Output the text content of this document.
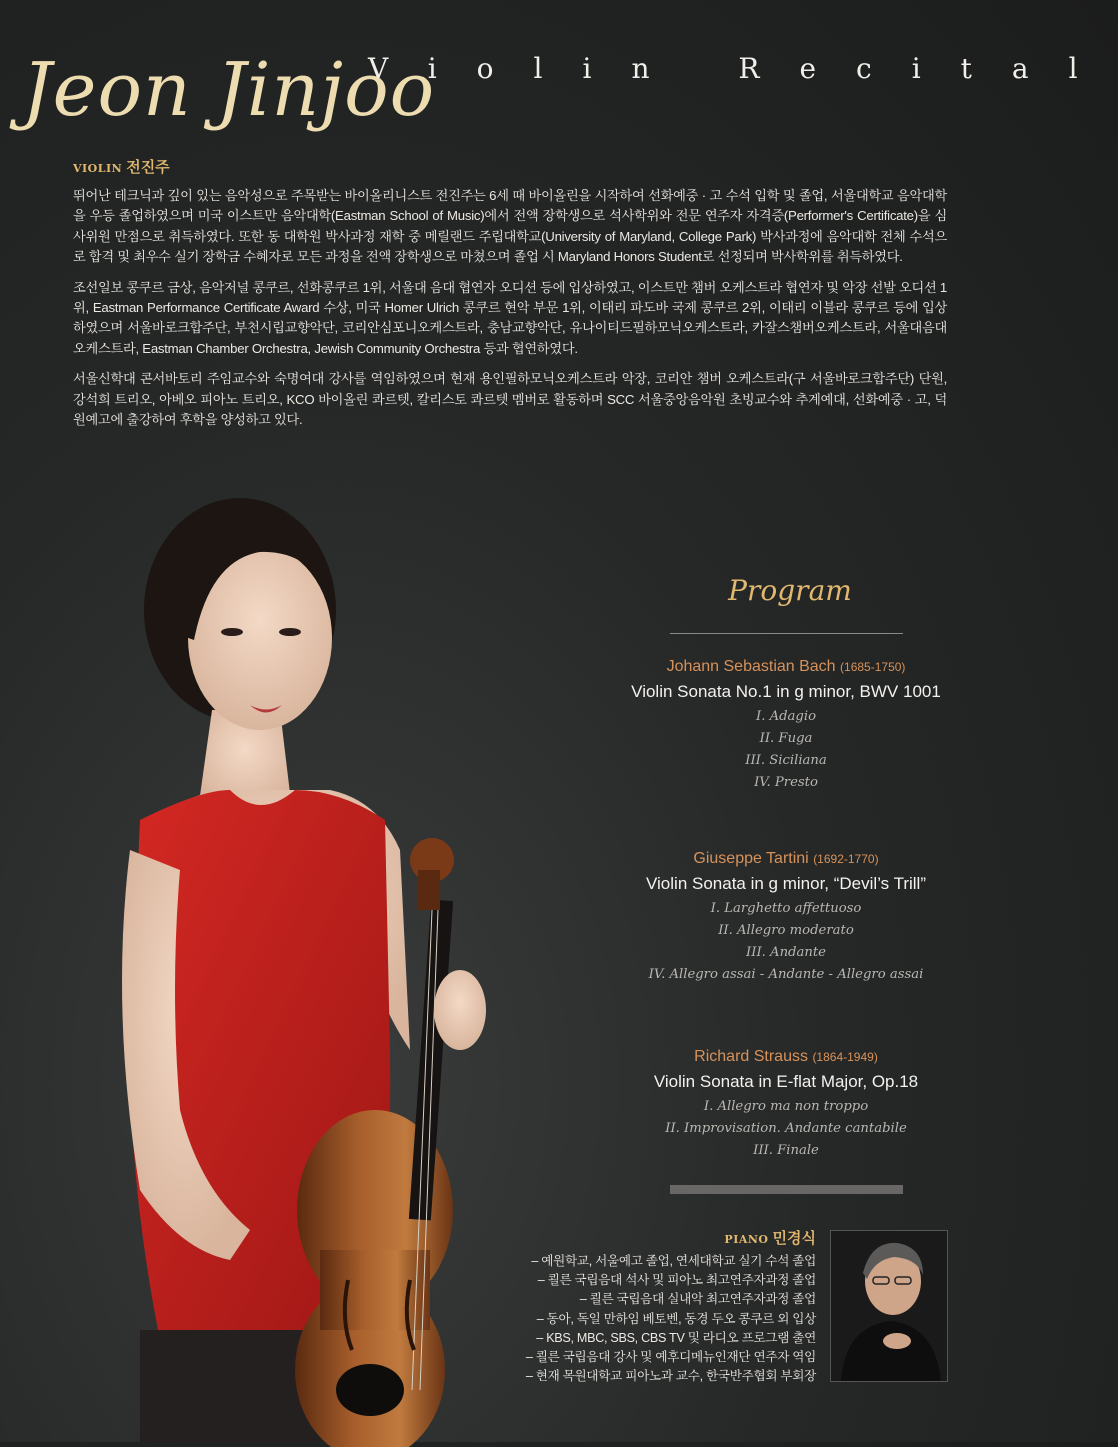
Jeon Jinjoo
Violin Recital
VIOLIN 전진주

뛰어난 테크닉과 깊이 있는 음악성으로 주목받는 바이올리니스트 전진주는 6세 때 바이올린을 시작하여 선화예중 · 고 수석 입학 및 졸업, 서울대학교 음악대학을 우등 졸업하였으며 미국 이스트만 음악대학(Eastman School of Music)에서 전액 장학생으로 석사학위와 전문 연주자 자격증(Performer's Certificate)을 심사위원 만점으로 취득하였다. 또한 동 대학원 박사과정 재학 중 메릴랜드 주립대학교(University of Maryland, College Park) 박사과정에 음악대학 전체 수석으로 합격 및 최우수 실기 장학금 수혜자로 모든 과정을 전액 장학생으로 마쳤으며 졸업 시 Maryland Honors Student로 선정되며 박사학위를 취득하였다.

조선일보 콩쿠르 금상, 음악저널 콩쿠르, 선화콩쿠르 1위, 서울대 음대 협연자 오디션 등에 입상하였고, 이스트만 챔버 오케스트라 협연자 및 악장 선발 오디션 1위, Eastman Performance Certificate Award 수상, 미국 Homer Ulrich 콩쿠르 현악 부문 1위, 이태리 파도바 국제 콩쿠르 2위, 이태리 이블라 콩쿠르 등에 입상하였으며 서울바로크합주단, 부천시립교향악단, 코리안심포니오케스트라, 충남교향악단, 유나이티드필하모닉오케스트라, 카잘스챔버오케스트라, 서울대음대오케스트라, Eastman Chamber Orchestra, Jewish Community Orchestra 등과 협연하였다.

서울신학대 콘서바토리 주임교수와 숙명여대 강사를 역임하였으며 현재 용인필하모닉오케스트라 악장, 코리안 챔버 오케스트라(구 서울바로크합주단) 단원, 강석희 트리오, 아베오 피아노 트리오, KCO 바이올린 콰르텟, 칼리스토 콰르텟 멤버로 활동하며 SCC 서울중앙음악원 초빙교수와 추계예대, 선화예중 · 고, 덕원예고에 출강하여 후학을 양성하고 있다.

Program
Johann Sebastian Bach (1685-1750)
Violin Sonata No.1 in g minor, BWV 1001
I. Adagio
II. Fuga
III. Siciliana
IV. Presto
Giuseppe Tartini (1692-1770)
Violin Sonata in g minor, “Devil’s Trill”
I. Larghetto affettuoso
II. Allegro moderato
III. Andante
IV. Allegro assai - Andante - Allegro assai
Richard Strauss (1864-1949)
Violin Sonata in E-flat Major, Op.18
I. Allegro ma non troppo
II. Improvisation. Andante cantabile
III. Finale
PIANO 민경식
– 예원학교, 서울예고 졸업, 연세대학교 실기 수석 졸업
– 쾰른 국립음대 석사 및 피아노 최고연주자과정 졸업
– 쾰른 국립음대 실내악 최고연주자과정 졸업
– 동아, 독일 만하임 베토벤, 동경 두오 콩쿠르 외 입상
– KBS, MBC, SBS, CBS TV 및 라디오 프로그램 출연
– 쾰른 국립음대 강사 및 예후디메뉴인재단 연주자 역임
– 현재 목원대학교 피아노과 교수, 한국반주협회 부회장
